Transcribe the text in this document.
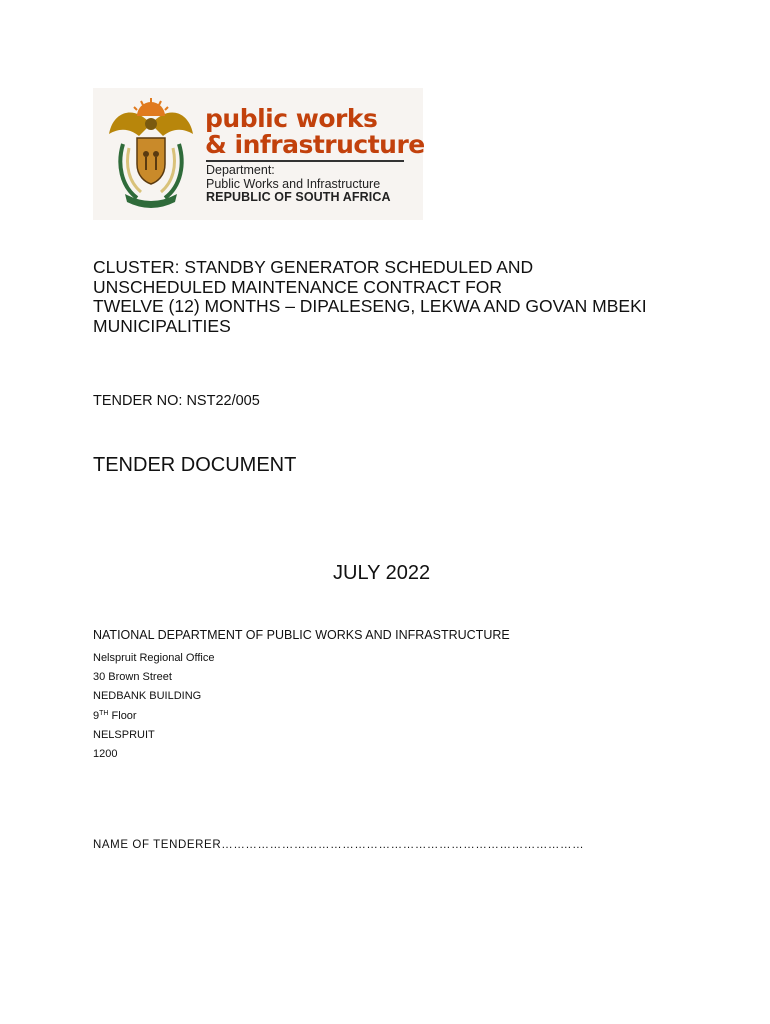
public works
& infrastructure
Department:
Public Works and Infrastructure
REPUBLIC OF SOUTH AFRICA
CLUSTER: STANDBY GENERATOR SCHEDULED AND
UNSCHEDULED MAINTENANCE CONTRACT FOR
TWELVE (12) MONTHS – DIPALESENG, LEKWA AND GOVAN MBEKI
MUNICIPALITIES
TENDER NO: NST22/005
TENDER DOCUMENT
JULY 2022
NATIONAL DEPARTMENT OF PUBLIC WORKS AND INFRASTRUCTURE
Nelspruit Regional Office
30 Brown Street
NEDBANK BUILDING
9TH Floor
NELSPRUIT
1200
NAME OF TENDERER………………………………………………………………………………
